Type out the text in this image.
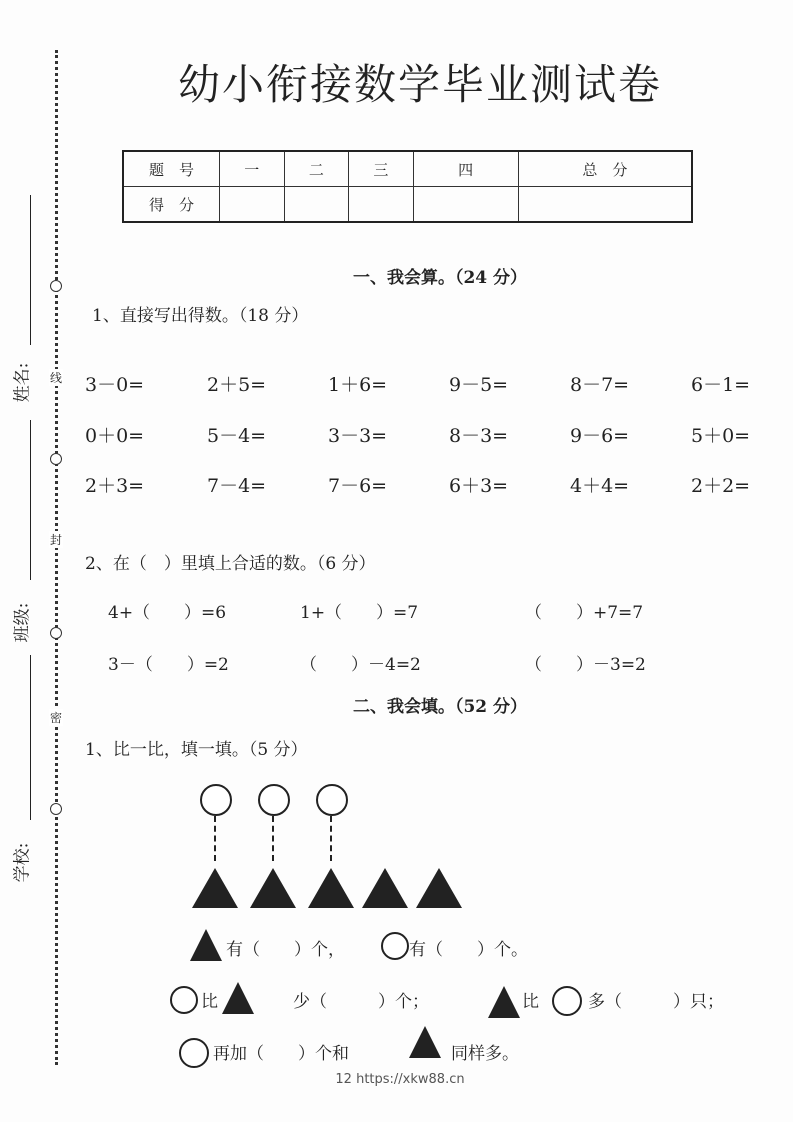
线
封
密
姓名:
班级:
学校:
幼小衔接数学毕业测试卷
题　号	一	二	三	四	总　分
得　分					
一、我会算。（24 分）
1、直接写出得数。（18 分）
3－0=	2＋5=	1＋6=	9－5=	8－7=	6－1=
0＋0=	5－4=	3－3=	8－3=	9－6=	5＋0=
2＋3=	7－4=	7－6=	6＋3=	4＋4=	2＋2=
2、在（　）里填上合适的数。（6 分）
4+（　　）=6	1+（　　）=7	（　　）+7=7
3－（　　）=2	（　　）－4=2	（　　）－3=2
二、我会填。（52 分）
1、比一比，填一填。（5 分）
有（　　）个，	有（　　）个。
比	少（　　　）个；	比	多（　　　）只；
再加（　　）个和	同样多。
12 https://xkw88.cn
